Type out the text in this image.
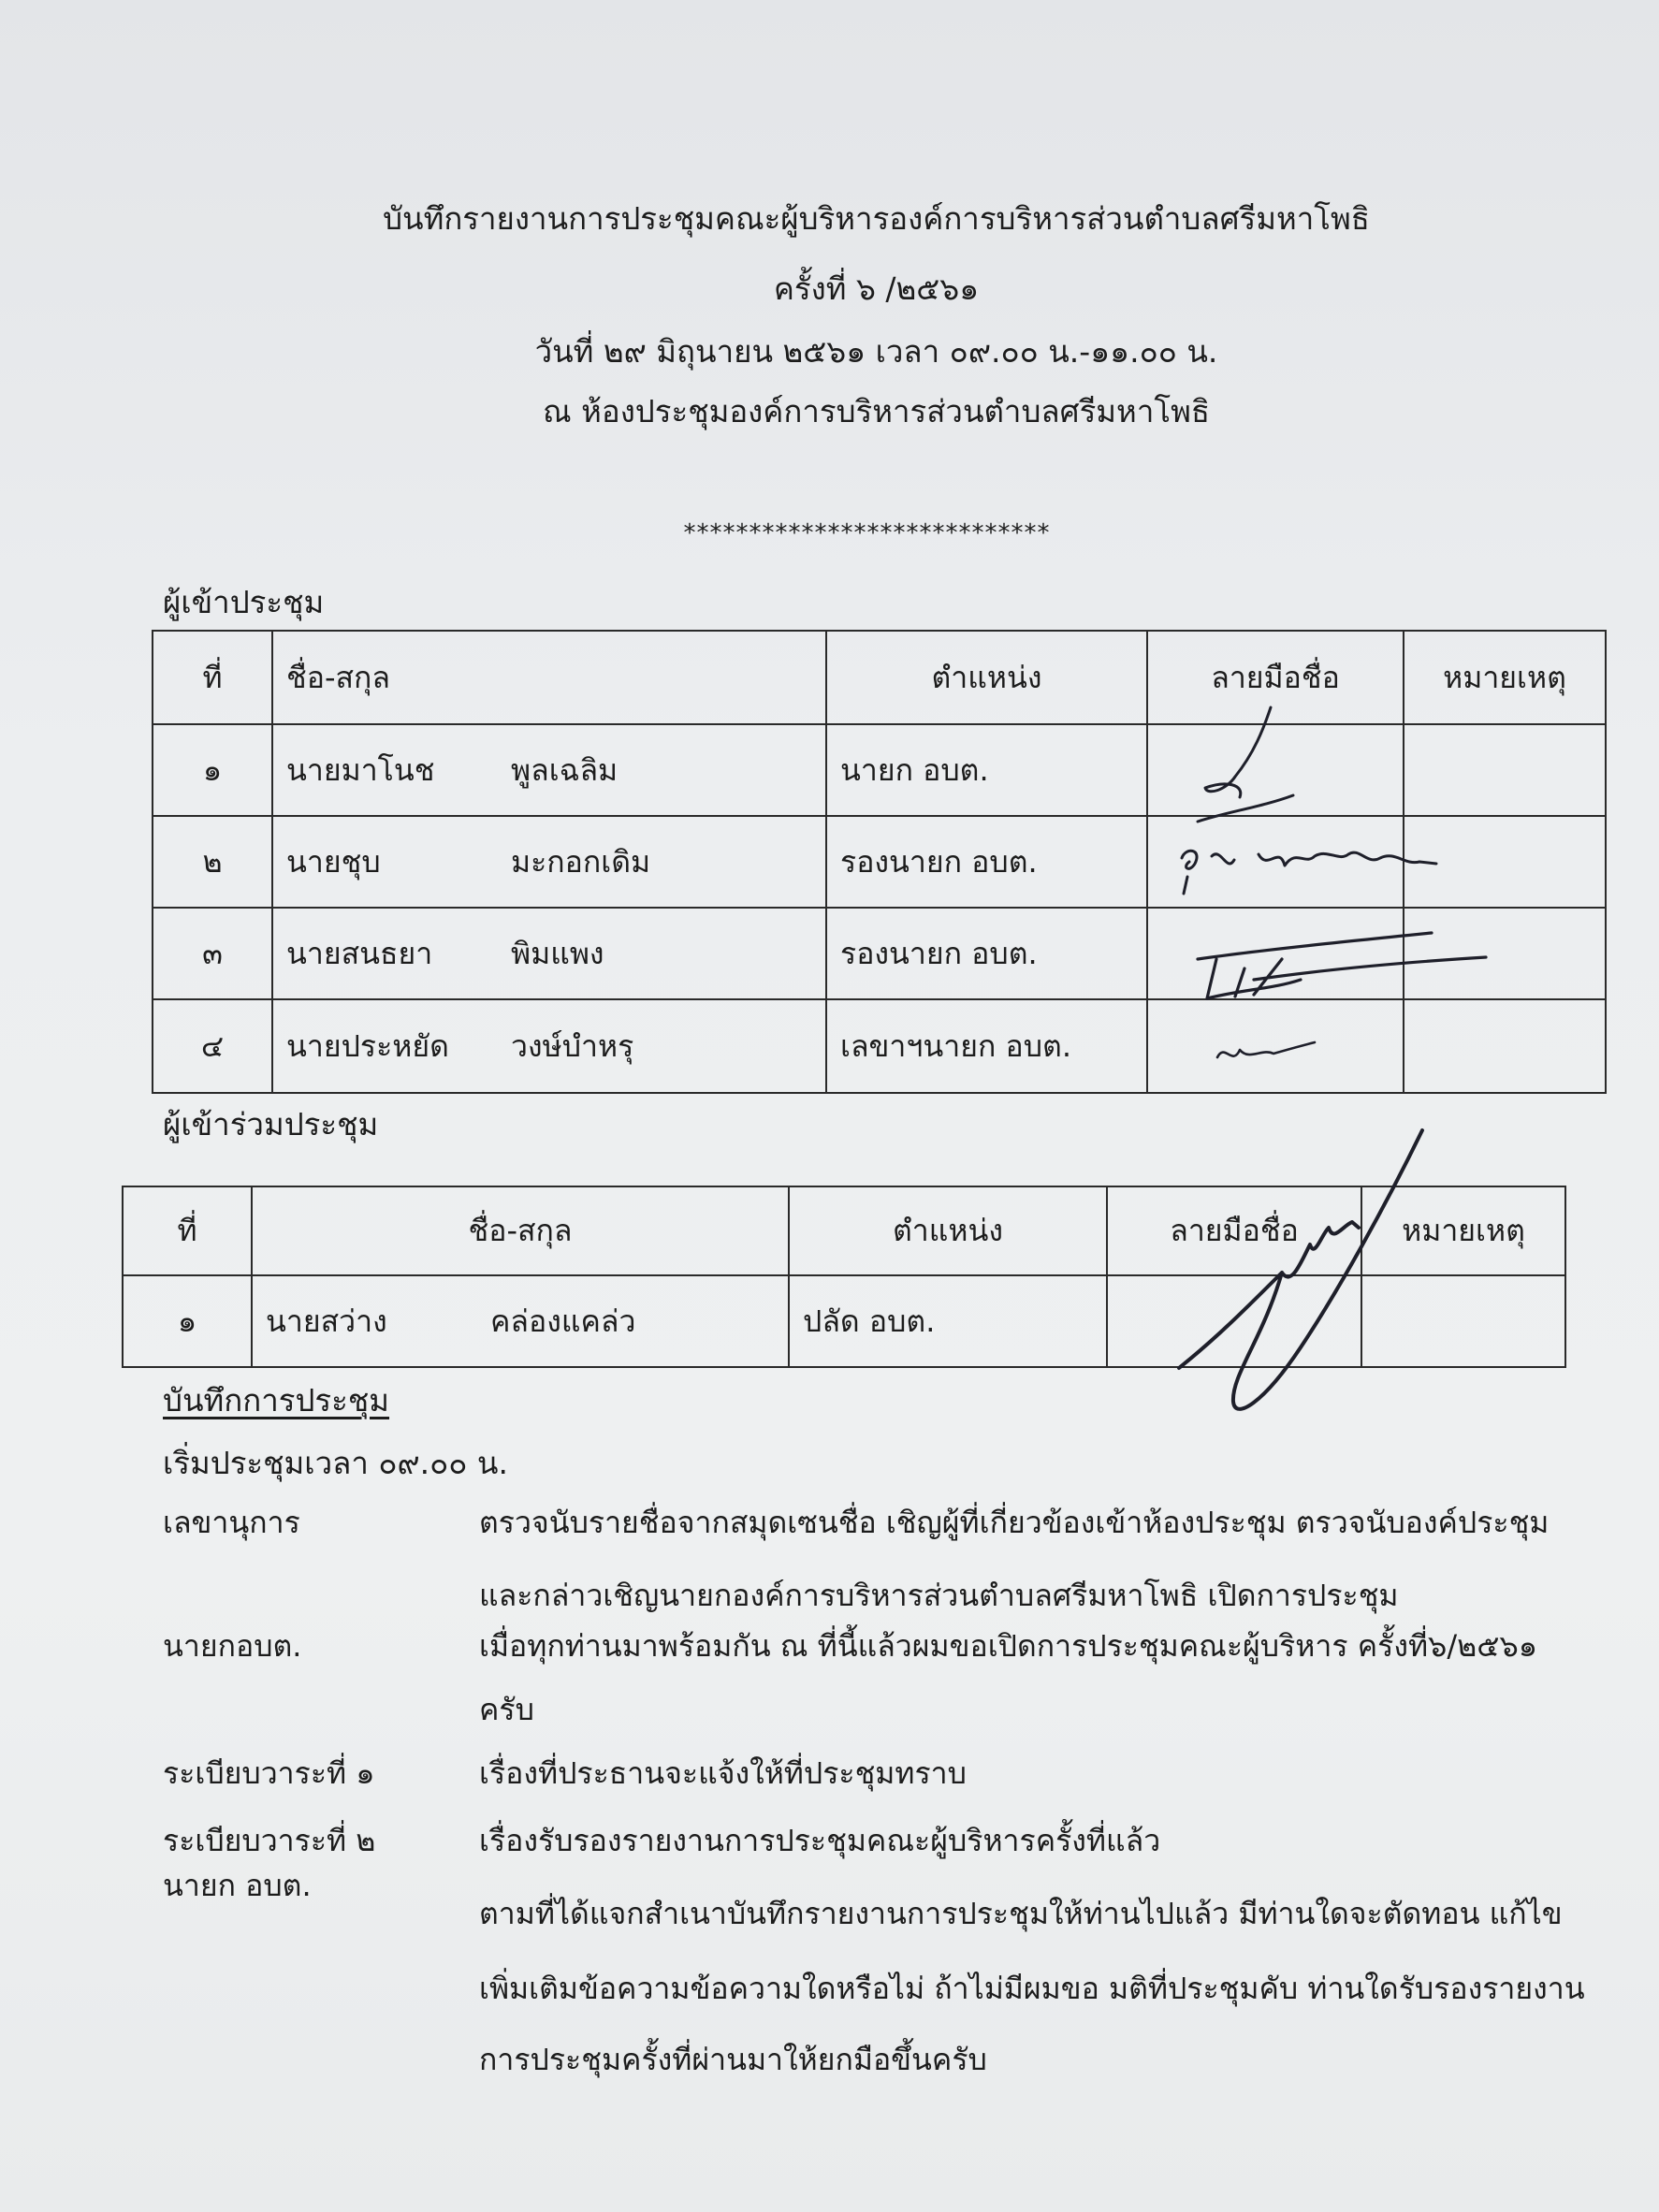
บันทึกรายงานการประชุมคณะผู้บริหารองค์การบริหารส่วนตำบลศรีมหาโพธิ
ครั้งที่ ๖ /๒๕๖๑
วันที่ ๒๙ มิถุนายน ๒๕๖๑ เวลา ๐๙.๐๐ น.-๑๑.๐๐ น.
ณ ห้องประชุมองค์การบริหารส่วนตำบลศรีมหาโพธิ
****************************
ผู้เข้าประชุม
ที่	ชื่อ-สกุล	ตำแหน่ง	ลายมือชื่อ	หมายเหตุ
๑	นายมาโนช พูลเฉลิม	นายก อบต.		
๒	นายชุบ มะกอกเดิม	รองนายก อบต.		
๓	นายสนธยา พิมแพง	รองนายก อบต.		
๔	นายประหยัด วงษ์บำหรุ	เลขาฯนายก อบต.		
ผู้เข้าร่วมประชุม
ที่	ชื่อ-สกุล	ตำแหน่ง	ลายมือชื่อ	หมายเหตุ
๑	นายสว่าง คล่องแคล่ว	ปลัด อบต.		
บันทึกการประชุม
เริ่มประชุมเวลา ๐๙.๐๐ น.
เลขานุการ	ตรวจนับรายชื่อจากสมุดเซนชื่อ เชิญผู้ที่เกี่ยวข้องเข้าห้องประชุม ตรวจนับองค์ประชุม
และกล่าวเชิญนายกองค์การบริหารส่วนตำบลศรีมหาโพธิ เปิดการประชุม
นายกอบต.	เมื่อทุกท่านมาพร้อมกัน ณ ที่นี้แล้วผมขอเปิดการประชุมคณะผู้บริหาร ครั้งที่๖/๒๕๖๑
ครับ
ระเบียบวาระที่ ๑	เรื่องที่ประธานจะแจ้งให้ที่ประชุมทราบ
ระเบียบวาระที่ ๒	เรื่องรับรองรายงานการประชุมคณะผู้บริหารครั้งที่แล้ว
นายก อบต.
ตามที่ได้แจกสำเนาบันทึกรายงานการประชุมให้ท่านไปแล้ว มีท่านใดจะตัดทอน แก้ไข
เพิ่มเติมข้อความข้อความใดหรือไม่ ถ้าไม่มีผมขอ มติที่ประชุมคับ ท่านใดรับรองรายงาน
การประชุมครั้งที่ผ่านมาให้ยกมือขึ้นครับ
